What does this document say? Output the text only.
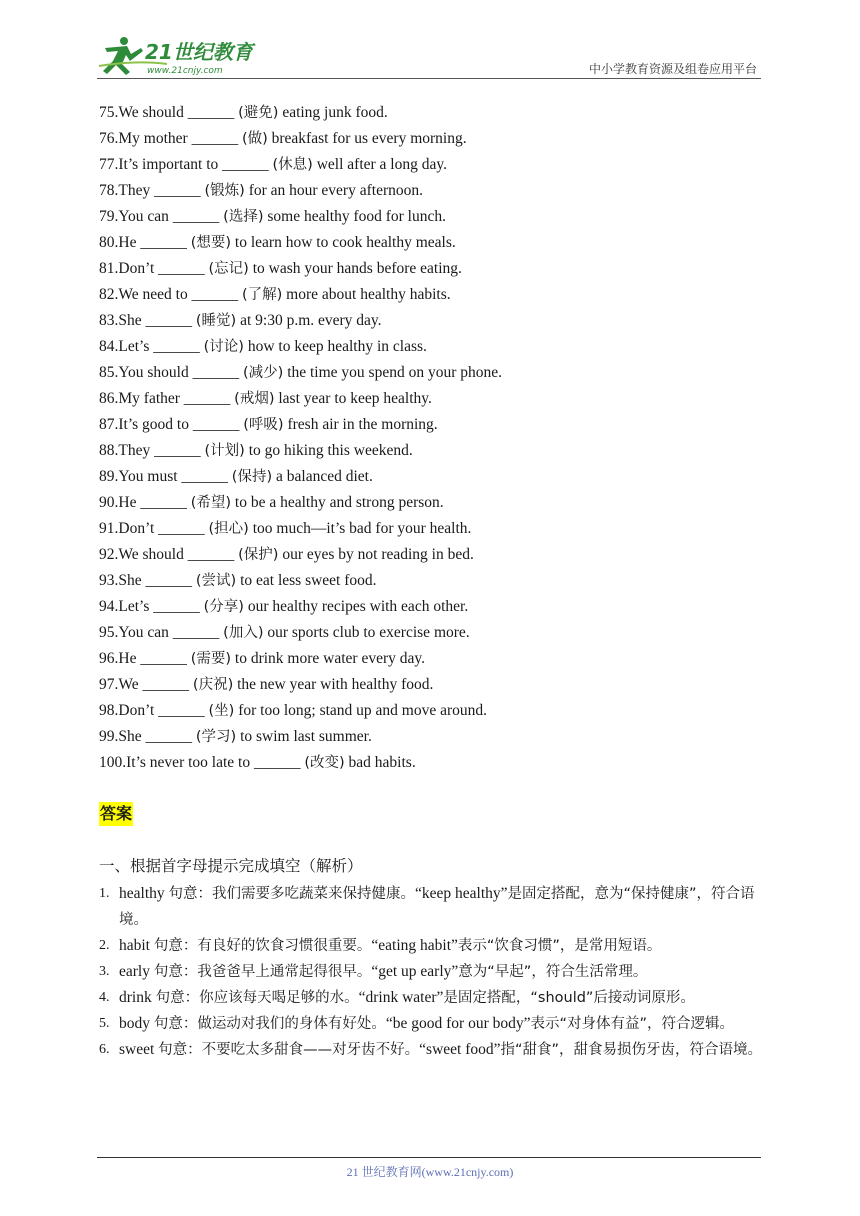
21世纪教育
www.21cnjy.com	中小学教育资源及组卷应用平台
75.We should ______ (避免) eating junk food.
76.My mother ______ (做) breakfast for us every morning.
77.It’s important to ______ (休息) well after a long day.
78.They ______ (锻炼) for an hour every afternoon.
79.You can ______ (选择) some healthy food for lunch.
80.He ______ (想要) to learn how to cook healthy meals.
81.Don’t ______ (忘记) to wash your hands before eating.
82.We need to ______ (了解) more about healthy habits.
83.She ______ (睡觉) at 9:30 p.m. every day.
84.Let’s ______ (讨论) how to keep healthy in class.
85.You should ______ (减少) the time you spend on your phone.
86.My father ______ (戒烟) last year to keep healthy.
87.It’s good to ______ (呼吸) fresh air in the morning.
88.They ______ (计划) to go hiking this weekend.
89.You must ______ (保持) a balanced diet.
90.He ______ (希望) to be a healthy and strong person.
91.Don’t ______ (担心) too much—it’s bad for your health.
92.We should ______ (保护) our eyes by not reading in bed.
93.She ______ (尝试) to eat less sweet food.
94.Let’s ______ (分享) our healthy recipes with each other.
95.You can ______ (加入) our sports club to exercise more.
96.He ______ (需要) to drink more water every day.
97.We ______ (庆祝) the new year with healthy food.
98.Don’t ______ (坐) for too long; stand up and move around.
99.She ______ (学习) to swim last summer.
100.It’s never too late to ______ (改变) bad habits.
答案
一、根据首字母提示完成填空（解析）
1. healthy 句意：我们需要多吃蔬菜来保持健康。“keep healthy”是固定搭配，意为“保持健康”，符合语境。
2. habit 句意：有良好的饮食习惯很重要。“eating habit”表示“饮食习惯”，是常用短语。
3. early 句意：我爸爸早上通常起得很早。“get up early”意为“早起”，符合生活常理。
4. drink 句意：你应该每天喝足够的水。“drink water”是固定搭配，“should”后接动词原形。
5. body 句意：做运动对我们的身体有好处。“be good for our body”表示“对身体有益”，符合逻辑。
6. sweet 句意：不要吃太多甜食——对牙齿不好。“sweet food”指“甜食”，甜食易损伤牙齿，符合语境。
21 世纪教育网(www.21cnjy.com)
